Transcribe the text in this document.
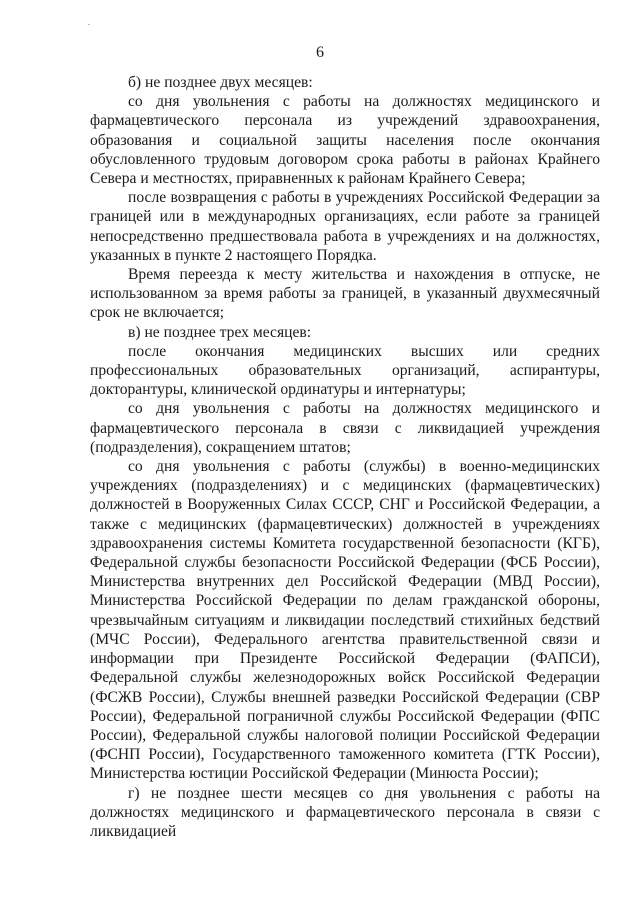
.
6

б) не позднее двух месяцев:

со дня увольнения с работы на должностях медицинского и фармацевтического персонала из учреждений здравоохранения, образования и социальной защиты населения после окончания обусловленного трудовым договором срока работы в районах Крайнего Севера и местностях, приравненных к районам Крайнего Севера;

после возвращения с работы в учреждениях Российской Федерации за границей или в международных организациях, если работе за границей непосредственно предшествовала работа в учреждениях и на должностях, указанных в пункте 2 настоящего Порядка.

Время переезда к месту жительства и нахождения в отпуске, не использованном за время работы за границей, в указанный двухмесячный срок не включается;

в) не позднее трех месяцев:

после окончания медицинских высших или средних профессиональных образовательных организаций, аспирантуры, докторантуры, клинической ординатуры и интернатуры;

со дня увольнения с работы на должностях медицинского и фармацевтического персонала в связи с ликвидацией учреждения (подразделения), сокращением штатов;

со дня увольнения с работы (службы) в военно-медицинских учреждениях (подразделениях) и с медицинских (фармацевтических) должностей в Вооруженных Силах СССР, СНГ и Российской Федерации, а также с медицинских (фармацевтических) должностей в учреждениях здравоохранения системы Комитета государственной безопасности (КГБ), Федеральной службы безопасности Российской Федерации (ФСБ России), Министерства внутренних дел Российской Федерации (МВД России), Министерства Российской Федерации по делам гражданской обороны, чрезвычайным ситуациям и ликвидации последствий стихийных бедствий (МЧС России), Федерального агентства правительственной связи и информации при Президенте Российской Федерации (ФАПСИ), Федеральной службы железнодорожных войск Российской Федерации (ФСЖВ России), Службы внешней разведки Российской Федерации (СВР России), Федеральной пограничной службы Российской Федерации (ФПС России), Федеральной службы налоговой полиции Российской Федерации (ФСНП России), Государственного таможенного комитета (ГТК России), Министерства юстиции Российской Федерации (Минюста России);

г) не позднее шести месяцев со дня увольнения с работы на должностях медицинского и фармацевтического персонала в связи с ликвидацией
